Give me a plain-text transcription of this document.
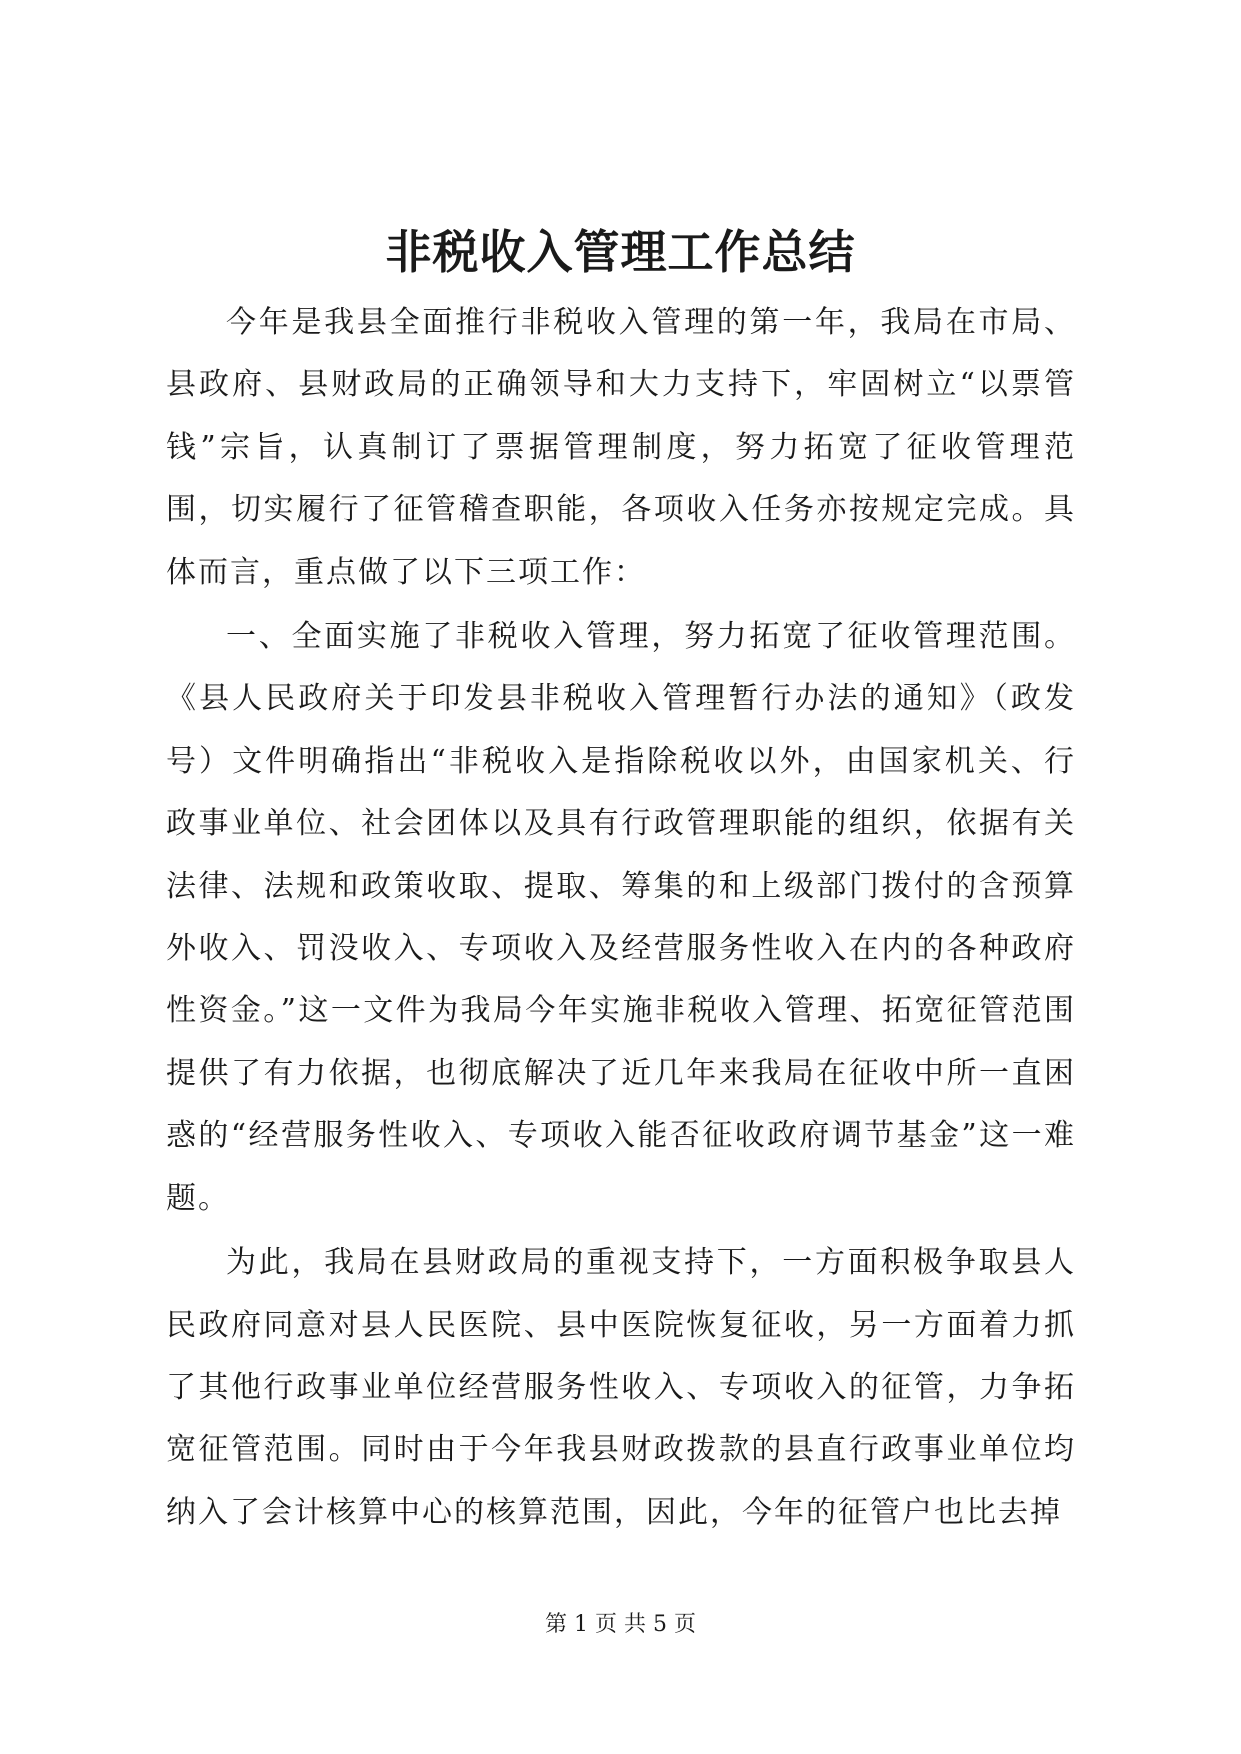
非税收入管理工作总结

今年是我县全面推行非税收入管理的第一年，我局在市局、县政府、县财政局的正确领导和大力支持下，牢固树立“以票管钱”宗旨，认真制订了票据管理制度，努力拓宽了征收管理范围，切实履行了征管稽查职能，各项收入任务亦按规定完成。具体而言，重点做了以下三项工作：

一、全面实施了非税收入管理，努力拓宽了征收管理范围。《县人民政府关于印发县非税收入管理暂行办法的通知》（政发号）文件明确指出“非税收入是指除税收以外，由国家机关、行政事业单位、社会团体以及具有行政管理职能的组织，依据有关法律、法规和政策收取、提取、筹集的和上级部门拨付的含预算外收入、罚没收入、专项收入及经营服务性收入在内的各种政府性资金。”这一文件为我局今年实施非税收入管理、拓宽征管范围提供了有力依据，也彻底解决了近几年来我局在征收中所一直困惑的“经营服务性收入、专项收入能否征收政府调节基金”这一难题。

为此，我局在县财政局的重视支持下，一方面积极争取县人民政府同意对县人民医院、县中医院恢复征收，另一方面着力抓了其他行政事业单位经营服务性收入、专项收入的征管，力争拓宽征管范围。同时由于今年我县财政拨款的县直行政事业单位均纳入了会计核算中心的核算范围，因此，今年的征管户也比去掉

第 1 页 共 5 页
